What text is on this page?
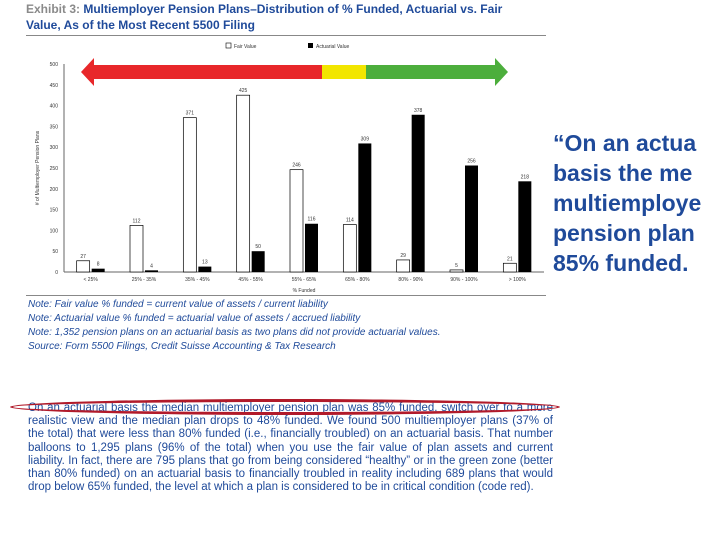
Exhibit 3: Multiemployer Pension Plans–Distribution of % Funded, Actuarial vs. Fair
Value, As of the Most Recent 5500 Filing
0
50
100
150
200
250
300
350
400
450
500
# of Multiemployer Pension Plans
% Funded
Fair Value	Actuarial Value
27
8
< 25%
112
4
25% - 35%
371
13
35% - 45%
425
50
45% - 55%
246
116
55% - 65%
114
309
65% - 80%
29
378
80% - 90%
5
256
90% - 100%
21
218
> 100%
Note: Fair value % funded = current value of assets / current liability
Note: Actuarial value % funded = actuarial value of assets / accrued liability
Note: 1,352 pension plans on an actuarial basis as two plans did not provide actuarial values.
Source: Form 5500 Filings, Credit Suisse Accounting & Tax Research
On an actuarial basis the median multiemployer pension plan was 85% funded, switch over to a more realistic view and the median plan drops to 48% funded. We found 500 multiemployer plans (37% of the total) that were less than 80% funded (i.e., financially troubled) on an actuarial basis. That number balloons to 1,295 plans (96% of the total) when you use the fair value of plan assets and current liability. In fact, there are 795 plans that go from being considered “healthy” or in the green zone (better than 80% funded) on an actuarial basis to financially troubled in reality including 689 plans that would drop below 65% funded, the level at which a plan is considered to be in critical condition (code red).
“On an actua
basis the me
multiemploye
pension plan
85% funded.
